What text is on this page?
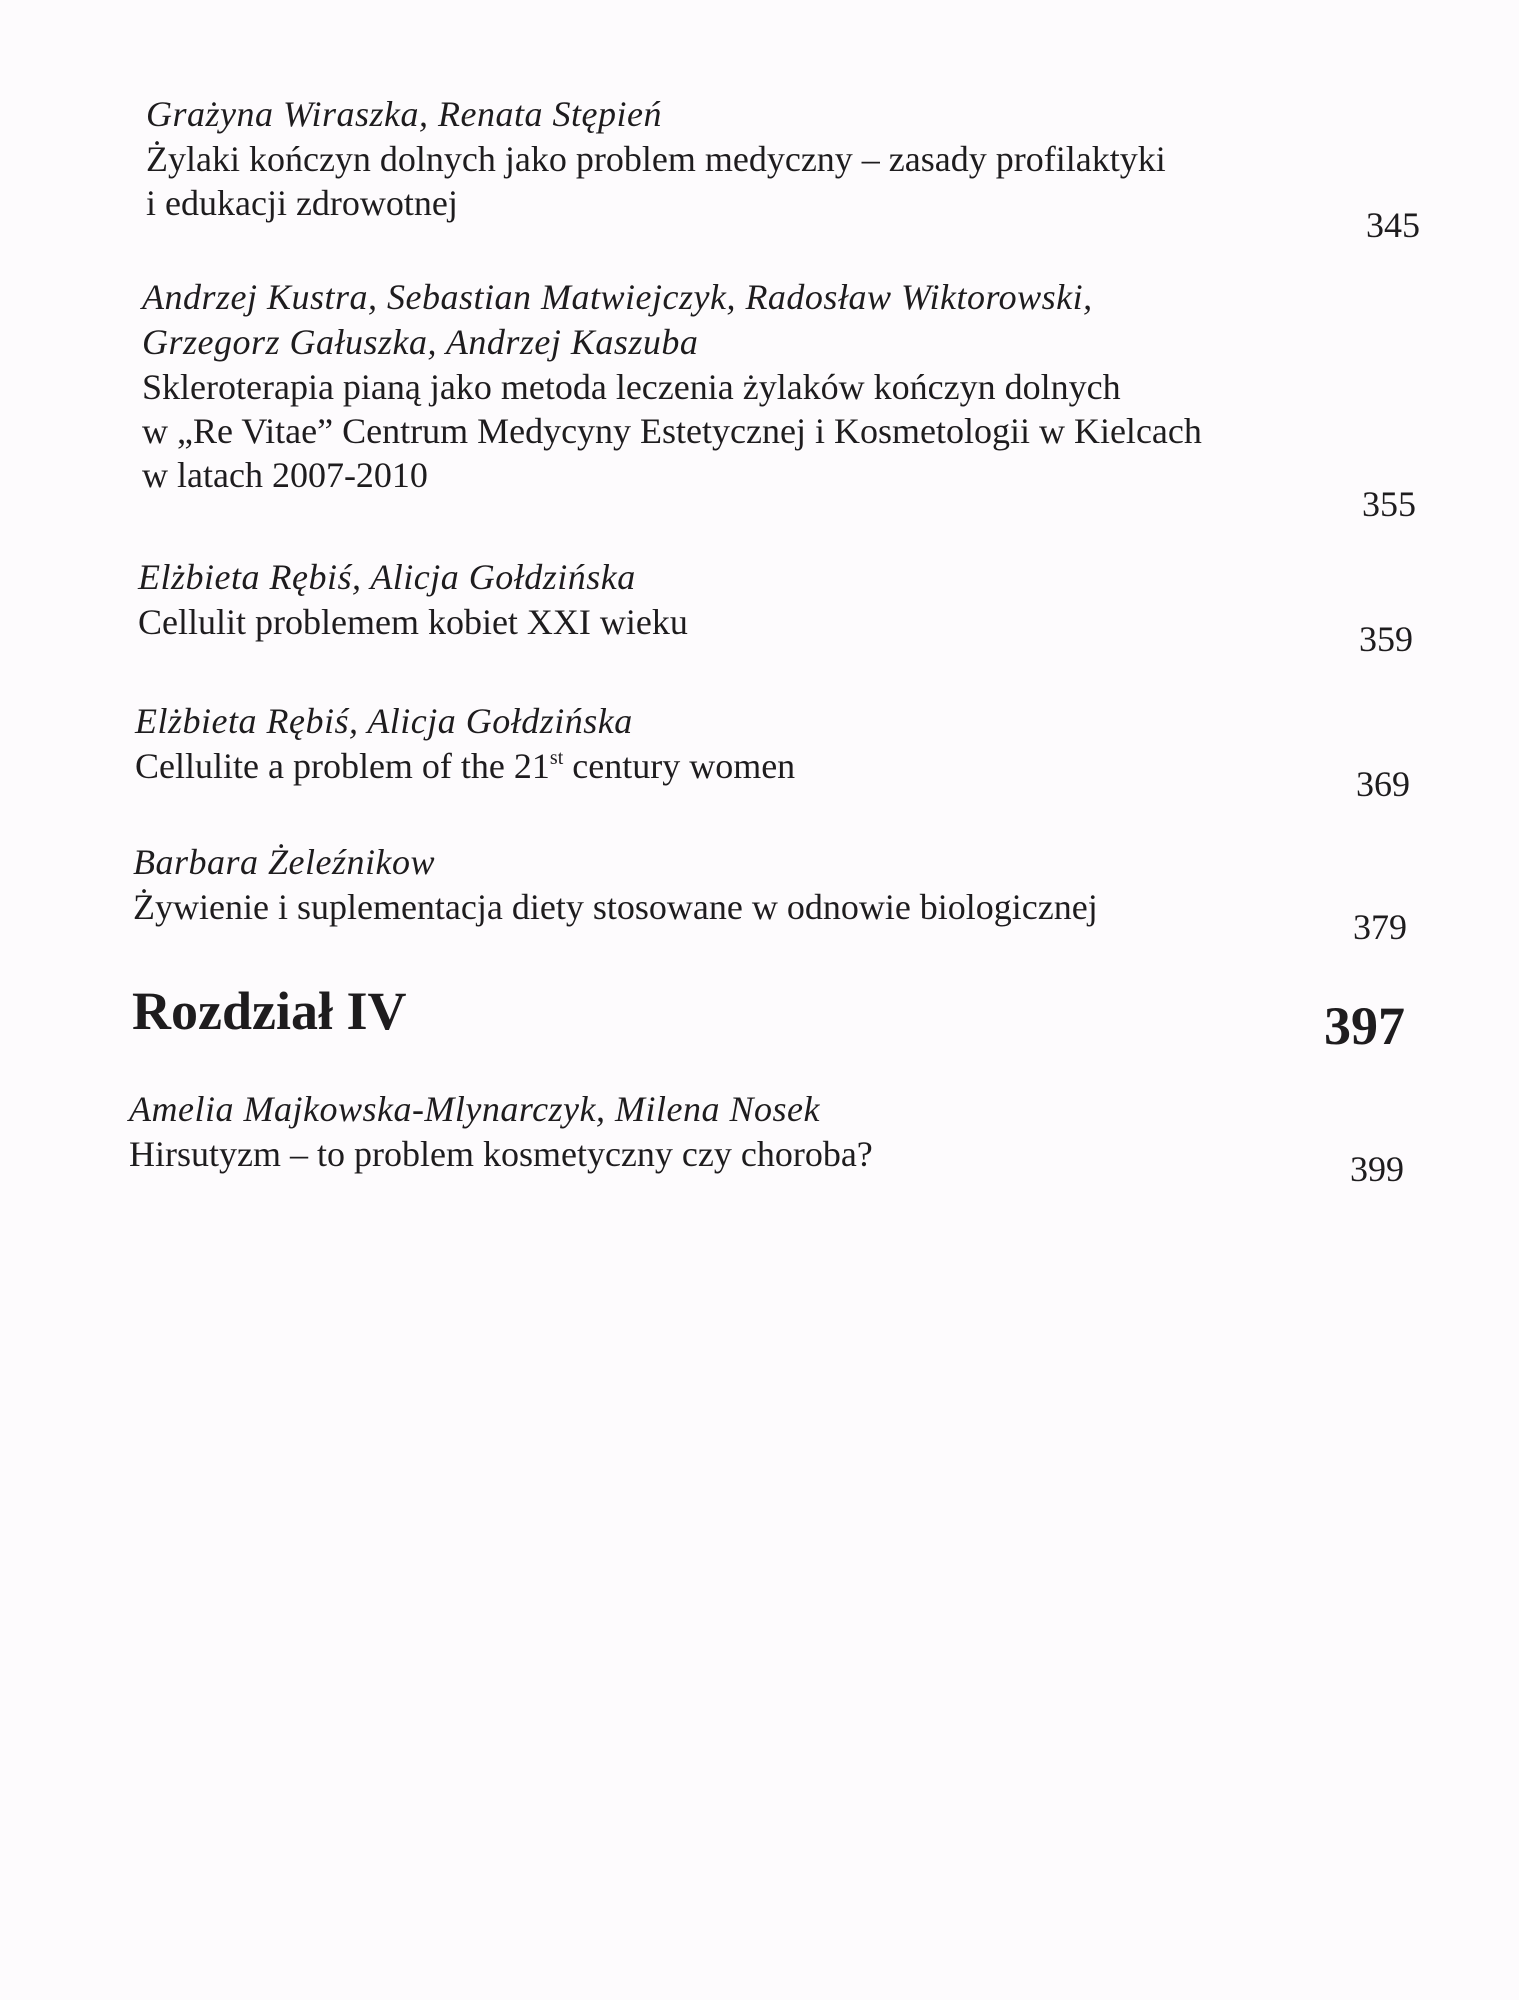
Grażyna Wiraszka, Renata Stępień
Żylaki kończyn dolnych jako problem medyczny – zasady profilaktyki
i edukacji zdrowotnej
345
Andrzej Kustra, Sebastian Matwiejczyk, Radosław Wiktorowski,
Grzegorz Gałuszka, Andrzej Kaszuba
Skleroterapia pianą jako metoda leczenia żylaków kończyn dolnych
w „Re Vitae” Centrum Medycyny Estetycznej i Kosmetologii w Kielcach
w latach 2007-2010
355
Elżbieta Rębiś, Alicja Gołdzińska
Cellulit problemem kobiet XXI wieku	359
Elżbieta Rębiś, Alicja Gołdzińska
Cellulite a problem of the 21st century women	369
Barbara Żeleźnikow
Żywienie i suplementacja diety stosowane w odnowie biologicznej	379
Rozdział IV	397
Amelia Majkowska-Mlynarczyk, Milena Nosek
Hirsutyzm – to problem kosmetyczny czy choroba?	399
